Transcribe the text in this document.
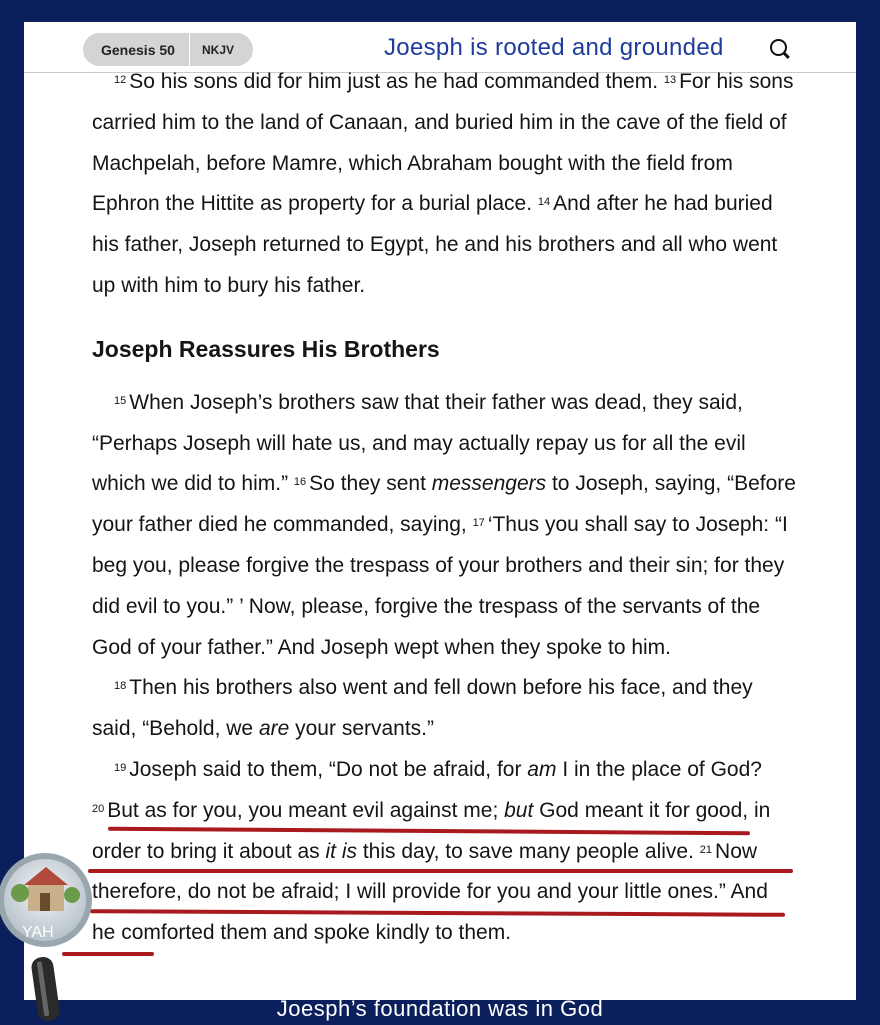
Genesis 50	NKJV	Joesph is rooted and grounded

$^{12}$ So his sons did for him just as he had commanded them. $^{13}$ For his sons carried him to the land of Canaan, and buried him in the cave of the field of Machpelah, before Mamre, which Abraham bought with the field from Ephron the Hittite as property for a burial place. $^{14}$ And after he had buried his father, Joseph returned to Egypt, he and his brothers and all who went up with him to bury his father.

Joseph Reassures His Brothers

$^{15}$ When Joseph’s brothers saw that their father was dead, they said, “Perhaps Joseph will hate us, and may actually repay us for all the evil which we did to him.” $^{16}$ So they sent messengers to Joseph, saying, “Before your father died he commanded, saying, $^{17}$ ‘Thus you shall say to Joseph: “I beg you, please forgive the trespass of your brothers and their sin; for they did evil to you.” ’ Now, please, forgive the trespass of the servants of the God of your father.” And Joseph wept when they spoke to him.

$^{18}$ Then his brothers also went and fell down before his face, and they said, “Behold, we are your servants.”

$^{19}$ Joseph said to them, “Do not be afraid, for am I in the place of God? $^{20}$ But as for you, you meant evil against me; but God meant it for good, in order to bring it about as it is this day, to save many people alive. $^{21}$ Now therefore, do not be afraid; I will provide for you and your little ones.” And he comforted them and spoke kindly to them.

YAH
Joesph’s foundation was in God
